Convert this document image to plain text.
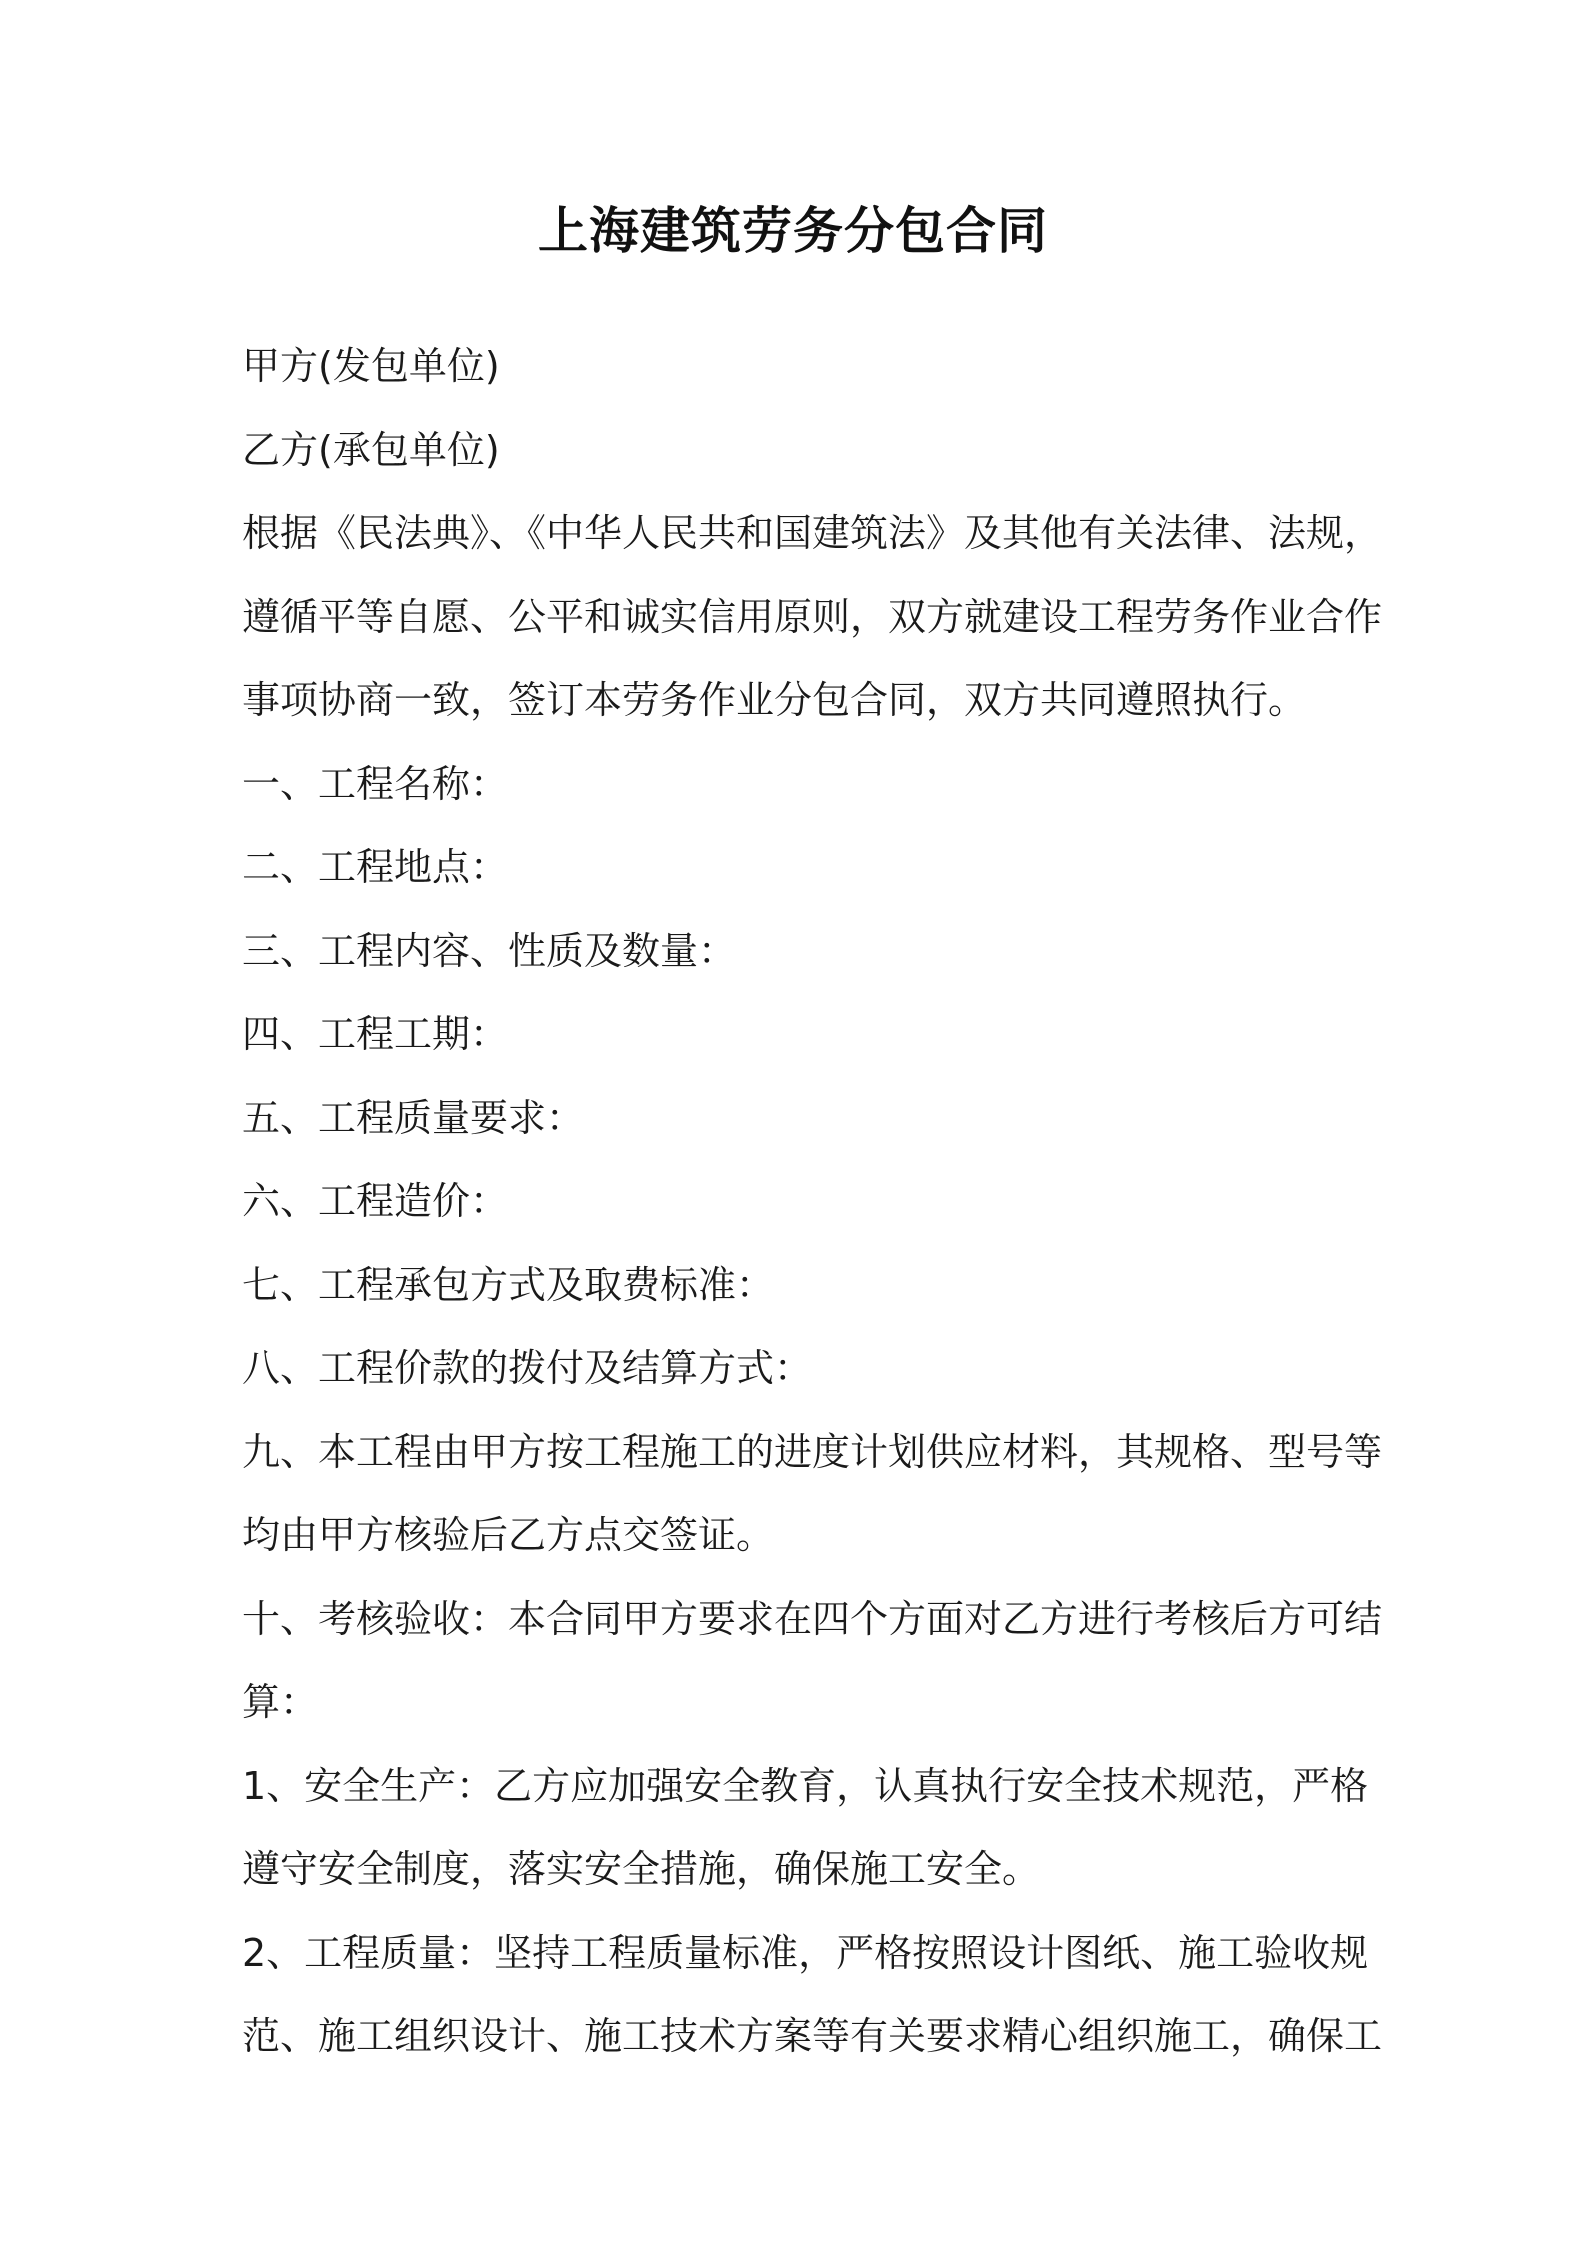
上海建筑劳务分包合同
甲方(发包单位)
乙方(承包单位)
根据《民法典》、《中华人民共和国建筑法》及其他有关法律、法规，
遵循平等自愿、公平和诚实信用原则，双方就建设工程劳务作业合作
事项协商一致，签订本劳务作业分包合同，双方共同遵照执行。
一、工程名称：
二、工程地点：
三、工程内容、性质及数量：
四、工程工期：
五、工程质量要求：
六、工程造价：
七、工程承包方式及取费标准：
八、工程价款的拨付及结算方式：
九、本工程由甲方按工程施工的进度计划供应材料，其规格、型号等
均由甲方核验后乙方点交签证。
十、考核验收：本合同甲方要求在四个方面对乙方进行考核后方可结
算：
1、安全生产：乙方应加强安全教育，认真执行安全技术规范，严格
遵守安全制度，落实安全措施，确保施工安全。
2、工程质量：坚持工程质量标准，严格按照设计图纸、施工验收规
范、施工组织设计、施工技术方案等有关要求精心组织施工，确保工
